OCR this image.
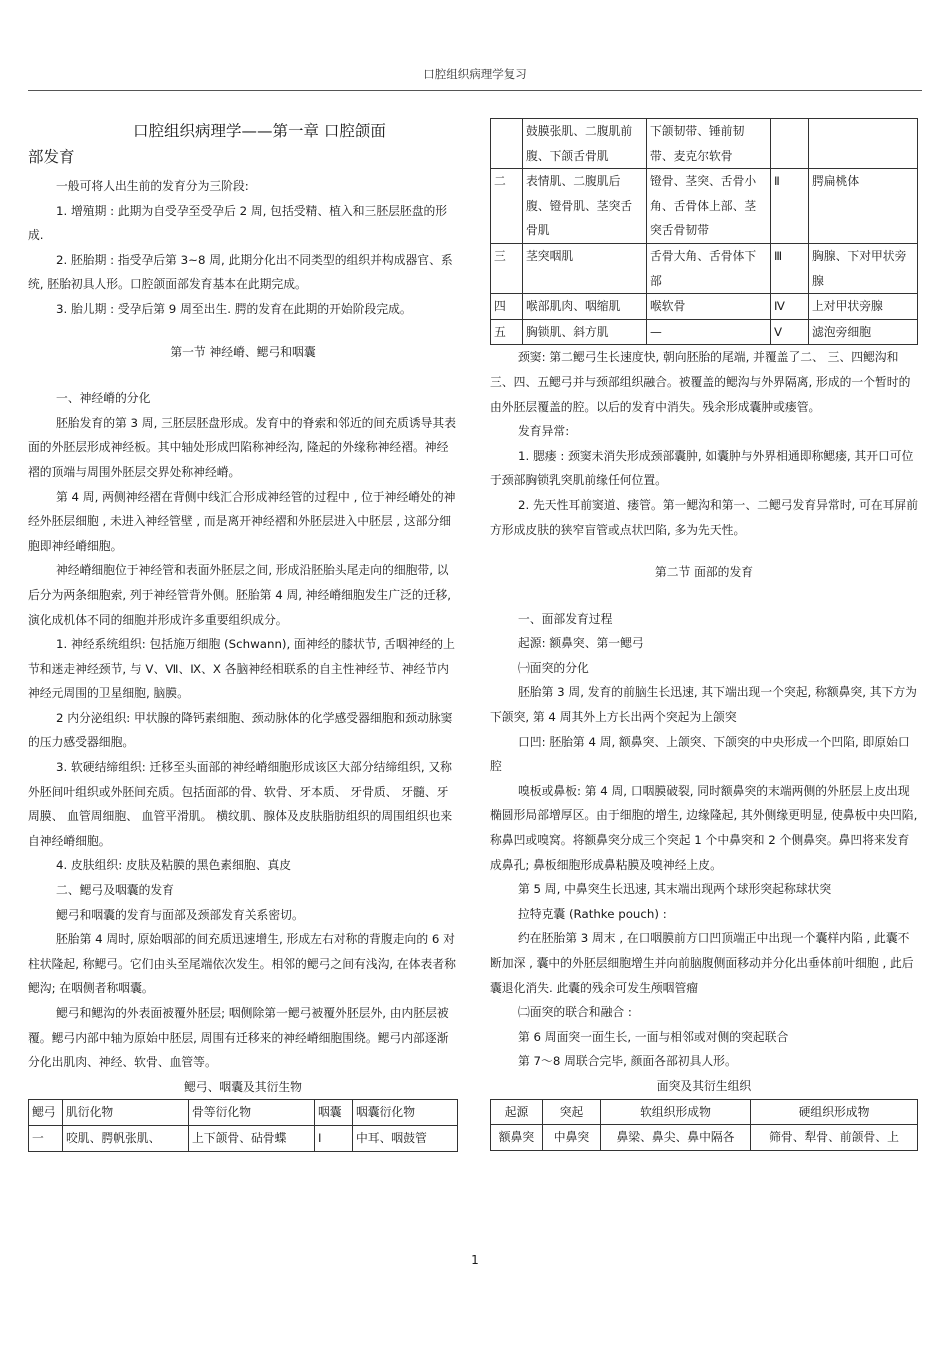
口腔组织病理学复习
口腔组织病理学——第一章 口腔颌面
部发育

一般可将人出生前的发育分为三阶段:

1. 增殖期 : 此期为自受孕至受孕后 2 周, 包括受精、植入和三胚层胚盘的形成.

2. 胚胎期 : 指受孕后第 3~8 周, 此期分化出不同类型的组织并构成器官、系统, 胚胎初具人形。口腔颌面部发育基本在此期完成。

3. 胎儿期 : 受孕后第 9 周至出生. 腭的发育在此期的开始阶段完成。

第一节 神经嵴、鳃弓和咽囊

一、神经嵴的分化

胚胎发育的第 3 周, 三胚层胚盘形成。发育中的脊索和邻近的间充质诱导其表面的外胚层形成神经板。其中轴处形成凹陷称神经沟, 隆起的外缘称神经褶。神经褶的顶端与周围外胚层交界处称神经嵴。

第 4 周, 两侧神经褶在背侧中线汇合形成神经管的过程中 , 位于神经嵴处的神经外胚层细胞 , 未进入神经管壁 , 而是离开神经褶和外胚层进入中胚层 , 这部分细胞即神经嵴细胞。

神经嵴细胞位于神经管和表面外胚层之间, 形成沿胚胎头尾走向的细胞带, 以后分为两条细胞索, 列于神经管背外侧。胚胎第 4 周, 神经嵴细胞发生广泛的迁移, 演化成机体不同的细胞并形成许多重要组织成分。

1. 神经系统组织: 包括施万细胞 (Schwann), 面神经的膝状节, 舌咽神经的上节和迷走神经颈节, 与 V、Ⅶ、Ⅸ、X 各脑神经相联系的自主性神经节、神经节内神经元周围的卫星细胞, 脑膜。

2 内分泌组织: 甲状腺的降钙素细胞、颈动脉体的化学感受器细胞和颈动脉窦的压力感受器细胞。

3. 软硬结缔组织: 迁移至头面部的神经嵴细胞形成该区大部分结缔组织, 又称外胚间叶组织或外胚间充质。包括面部的骨、软骨、牙本质、 牙骨质、 牙髓、牙周膜、 血管周细胞、 血管平滑肌。 横纹肌、腺体及皮肤脂肪组织的周围组织也来自神经嵴细胞。

4. 皮肤组织: 皮肤及粘膜的黑色素细胞、真皮

二、鳃弓及咽囊的发育

鳃弓和咽囊的发育与面部及颈部发育关系密切。

胚胎第 4 周时, 原始咽部的间充质迅速增生, 形成左右对称的背腹走向的 6 对柱状隆起, 称鳃弓。它们由头至尾端依次发生。相邻的鳃弓之间有浅沟, 在体表者称鳃沟; 在咽侧者称咽囊。

鳃弓和鳃沟的外表面被覆外胚层; 咽侧除第一鳃弓被覆外胚层外, 由内胚层被覆。鳃弓内部中轴为原始中胚层, 周围有迁移来的神经嵴细胞围绕。鳃弓内部逐渐分化出肌肉、神经、软骨、血管等。

鳃弓、咽囊及其衍生物

鳃弓	肌衍化物	骨等衍化物	咽囊	咽囊衍化物
一	咬肌、腭帆张肌、	上下颌骨、砧骨蝶	I	中耳、咽鼓管
	鼓膜张肌、二腹肌前腹、下颌舌骨肌	下颌韧带、锤前韧带、麦克尔软骨		
二	表情肌、二腹肌后腹、镫骨肌、茎突舌骨肌	镫骨、茎突、舌骨小角、舌骨体上部、茎突舌骨韧带	Ⅱ	腭扁桃体
三	茎突咽肌	舌骨大角、舌骨体下部	Ⅲ	胸腺、下对甲状旁腺
四	喉部肌肉、咽缩肌	喉软骨	Ⅳ	上对甲状旁腺
五	胸锁肌、斜方肌	—	V	滤泡旁细胞

颈窦: 第二鳃弓生长速度快, 朝向胚胎的尾端, 并覆盖了二、 三、四鳃沟和三、四、五鳃弓并与颈部组织融合。被覆盖的鳃沟与外界隔离, 形成的一个暂时的由外胚层覆盖的腔。以后的发育中消失。残余形成囊肿或瘘管。

发育异常:

1. 腮瘘 : 颈窦未消失形成颈部囊肿, 如囊肿与外界相通即称鳃瘘, 其开口可位于颈部胸锁乳突肌前缘任何位置。

2. 先天性耳前窦道、瘘管。第一鳃沟和第一、二鳃弓发育异常时, 可在耳屏前方形成皮肤的狭窄盲管或点状凹陷, 多为先天性。

第二节 面部的发育

一、面部发育过程

起源: 额鼻突、第一鳃弓

㈠面突的分化

胚胎第 3 周, 发育的前脑生长迅速, 其下端出现一个突起, 称额鼻突, 其下方为下颌突, 第 4 周其外上方长出两个突起为上颌突

口凹: 胚胎第 4 周, 额鼻突、上颌突、下颌突的中央形成一个凹陷, 即原始口腔

嗅板或鼻板: 第 4 周, 口咽膜破裂, 同时额鼻突的末端两侧的外胚层上皮出现椭圆形局部增厚区。由于细胞的增生, 边缘隆起, 其外侧缘更明显, 使鼻板中央凹陷, 称鼻凹或嗅窝。将额鼻突分成三个突起 1 个中鼻突和 2 个侧鼻突。鼻凹将来发育成鼻孔; 鼻板细胞形成鼻粘膜及嗅神经上皮。

第 5 周, 中鼻突生长迅速, 其末端出现两个球形突起称球状突

拉特克囊 (Rathke pouch) :

约在胚胎第 3 周末 , 在口咽膜前方口凹顶端正中出现一个囊样内陷 , 此囊不断加深 , 囊中的外胚层细胞增生并向前脑腹侧面移动并分化出垂体前叶细胞 , 此后囊退化消失. 此囊的残余可发生颅咽管瘤

㈡面突的联合和融合 :

第 6 周面突一面生长, 一面与相邻或对侧的突起联合

第 7～8 周联合完毕, 颜面各部初具人形。

面突及其衍生组织

起源	突起	软组织形成物	硬组织形成物
额鼻突	中鼻突	鼻梁、鼻尖、鼻中隔各	筛骨、犁骨、前颌骨、上
1
